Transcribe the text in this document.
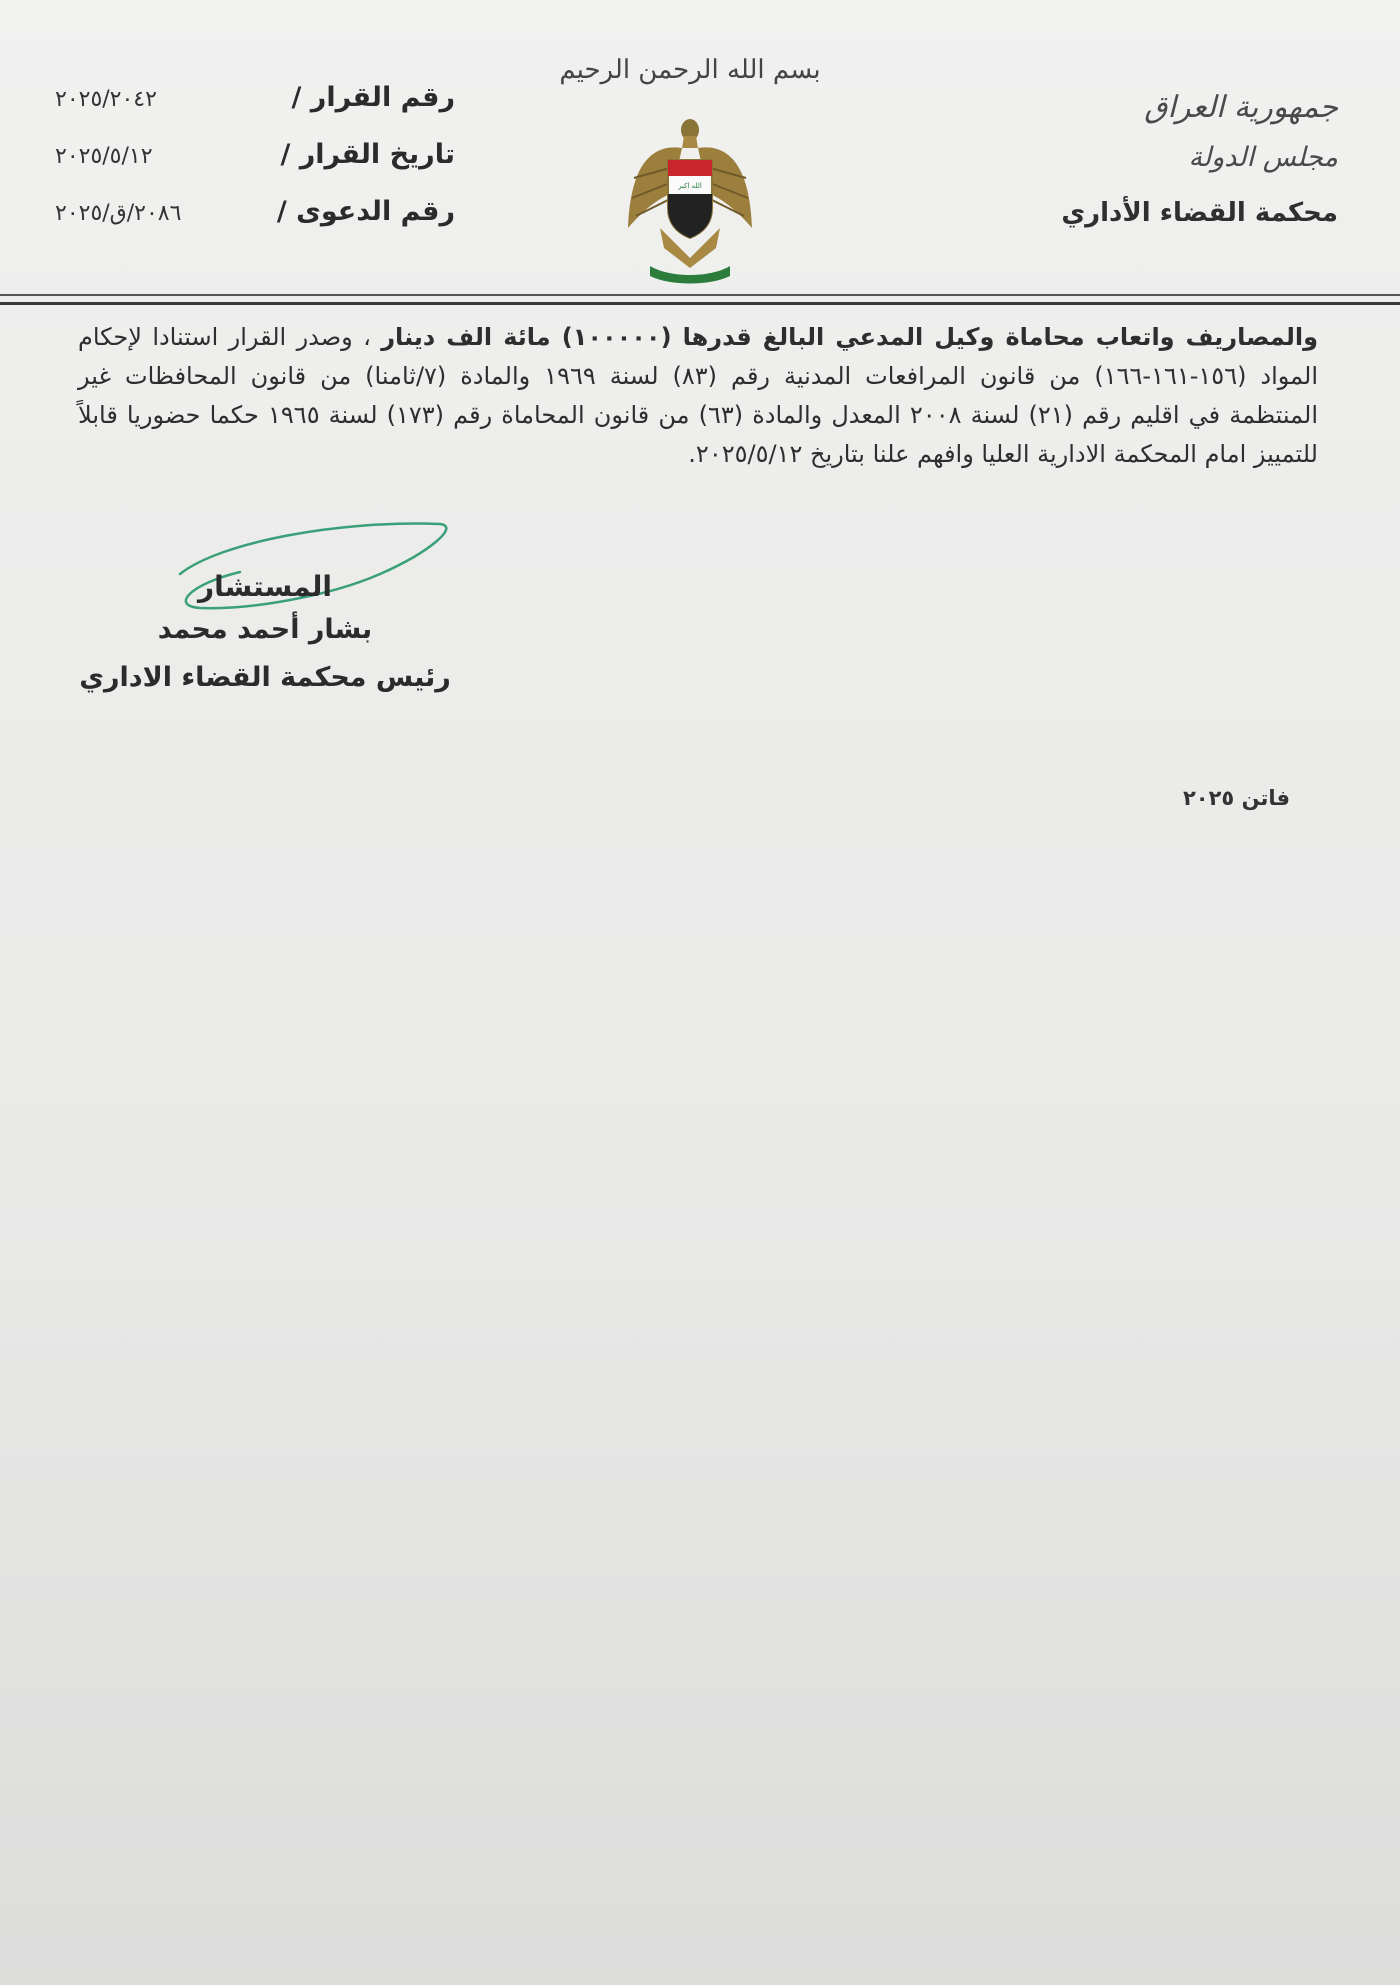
بسم الله الرحمن الرحيم
جمهورية العراق
مجلس الدولة
محكمة القضاء الأداري
الله اكبر
رقم القرار /
٢٠٢٥/٢٠٤٢
تاريخ القرار /
٢٠٢٥/٥/١٢
رقم الدعوى /
٢٠٨٦/ق/٢٠٢٥
والمصاريف واتعاب محاماة وكيل المدعي البالغ قدرها (١٠٠٠٠٠) مائة الف دينار ، وصدر القرار استنادا لإحكام المواد (١٥٦-١٦١-١٦٦) من قانون المرافعات المدنية رقم (٨٣) لسنة ١٩٦٩ والمادة (٧/ثامنا) من قانون المحافظات غير المنتظمة في اقليم رقم (٢١) لسنة ٢٠٠٨ المعدل والمادة (٦٣) من قانون المحاماة رقم (١٧٣) لسنة ١٩٦٥ حكما حضوريا قابلاً للتمييز امام المحكمة الادارية العليا وافهم علنا بتاريخ ٢٠٢٥/٥/١٢.
المستشار
بشار أحمد محمد
رئيس محكمة القضاء الاداري
فاتن ٢٠٢٥
